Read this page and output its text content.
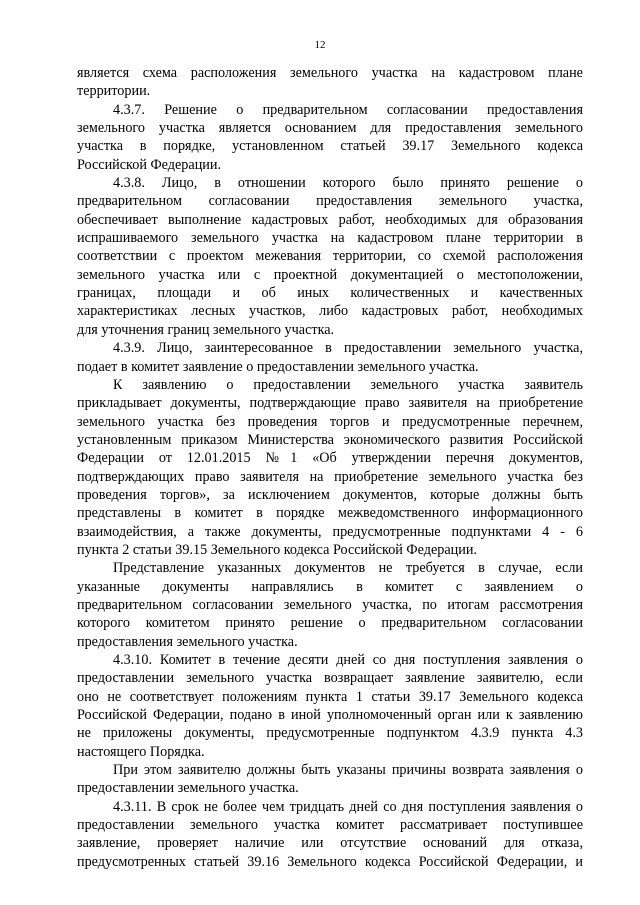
12
является схема расположения земельного участка на кадастровом плане
территории.
4.3.7. Решение о предварительном согласовании предоставления
земельного участка является основанием для предоставления земельного
участка в порядке, установленном статьей 39.17 Земельного кодекса
Российской Федерации.
4.3.8. Лицо, в отношении которого было принято решение о
предварительном согласовании предоставления земельного участка,
обеспечивает выполнение кадастровых работ, необходимых для образования
испрашиваемого земельного участка на кадастровом плане территории в
соответствии с проектом межевания территории, со схемой расположения
земельного участка или с проектной документацией о местоположении,
границах, площади и об иных количественных и качественных
характеристиках лесных участков, либо кадастровых работ, необходимых
для уточнения границ земельного участка.
4.3.9. Лицо, заинтересованное в предоставлении земельного участка,
подает в комитет заявление о предоставлении земельного участка.
К заявлению о предоставлении земельного участка заявитель
прикладывает документы, подтверждающие право заявителя на приобретение
земельного участка без проведения торгов и предусмотренные перечнем,
установленным приказом Министерства экономического развития Российской
Федерации от 12.01.2015 №1 «Об утверждении перечня документов,
подтверждающих право заявителя на приобретение земельного участка без
проведения торгов», за исключением документов, которые должны быть
представлены в комитет в порядке межведомственного информационного
взаимодействия, а также документы, предусмотренные подпунктами 4 - 6
пункта 2 статьи 39.15 Земельного кодекса Российской Федерации.
Представление указанных документов не требуется в случае, если
указанные документы направлялись в комитет с заявлением о
предварительном согласовании земельного участка, по итогам рассмотрения
которого комитетом принято решение о предварительном согласовании
предоставления земельного участка.
4.3.10. Комитет в течение десяти дней со дня поступления заявления о
предоставлении земельного участка возвращает заявление заявителю, если
оно не соответствует положениям пункта 1 статьи 39.17 Земельного кодекса
Российской Федерации, подано в иной уполномоченный орган или к заявлению
не приложены документы, предусмотренные подпунктом 4.3.9 пункта 4.3
настоящего Порядка.
При этом заявителю должны быть указаны причины возврата заявления о
предоставлении земельного участка.
4.3.11. В срок не более чем тридцать дней со дня поступления заявления о
предоставлении земельного участка комитет рассматривает поступившее
заявление, проверяет наличие или отсутствие оснований для отказа,
предусмотренных статьей 39.16 Земельного кодекса Российской Федерации, и
